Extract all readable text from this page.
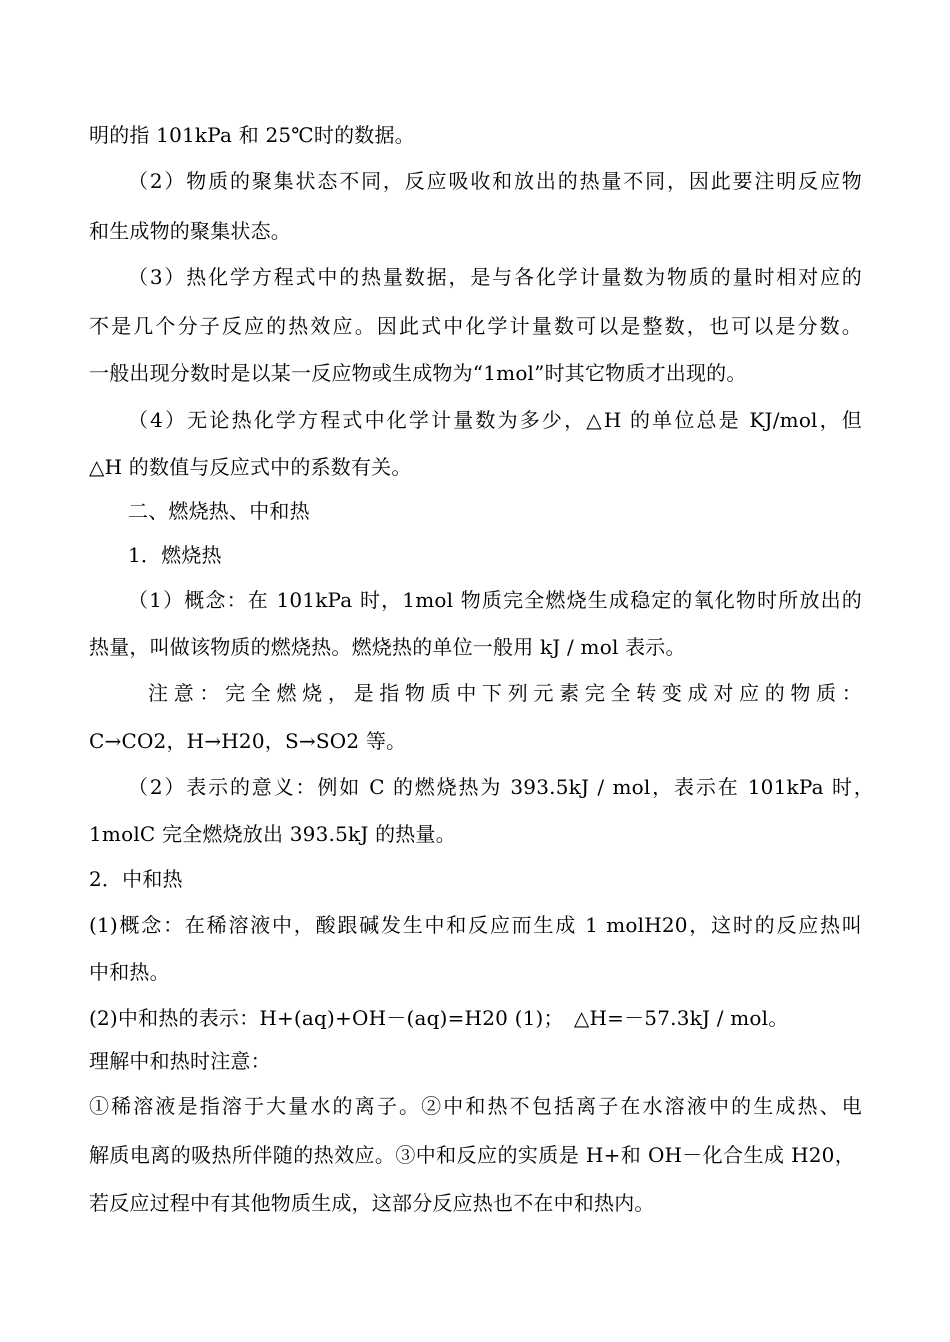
明的指 101kPa 和 25℃时的数据。
（2）物质的聚集状态不同，反应吸收和放出的热量不同，因此要注明反应物
和生成物的聚集状态。
（3）热化学方程式中的热量数据，是与各化学计量数为物质的量时相对应的
不是几个分子反应的热效应。因此式中化学计量数可以是整数，也可以是分数。
一般出现分数时是以某一反应物或生成物为“1mol”时其它物质才出现的。
（4）无论热化学方程式中化学计量数为多少，△H 的单位总是 KJ/mol，但
△H 的数值与反应式中的系数有关。
二、燃烧热、中和热
1．燃烧热
（1）概念：在 101kPa 时，1mol 物质完全燃烧生成稳定的氧化物时所放出的
热量，叫做该物质的燃烧热。燃烧热的单位一般用 kJ / mol 表示。
注意：完全燃烧，是指物质中下列元素完全转变成对应的物质：
C→CO2，H→H20，S→SO2 等。
（2）表示的意义：例如 C 的燃烧热为 393.5kJ / mol，表示在 101kPa 时，
1molC 完全燃烧放出 393.5kJ 的热量。
2．中和热
(1)概念：在稀溶液中，酸跟碱发生中和反应而生成 1 molH20，这时的反应热叫
中和热。
(2)中和热的表示：H+(aq)+OH－(aq)=H20 (1)；　△H=－57.3kJ / mol。
理解中和热时注意：
①稀溶液是指溶于大量水的离子。②中和热不包括离子在水溶液中的生成热、电
解质电离的吸热所伴随的热效应。③中和反应的实质是 H+和 OH－化合生成 H20，
若反应过程中有其他物质生成，这部分反应热也不在中和热内。
